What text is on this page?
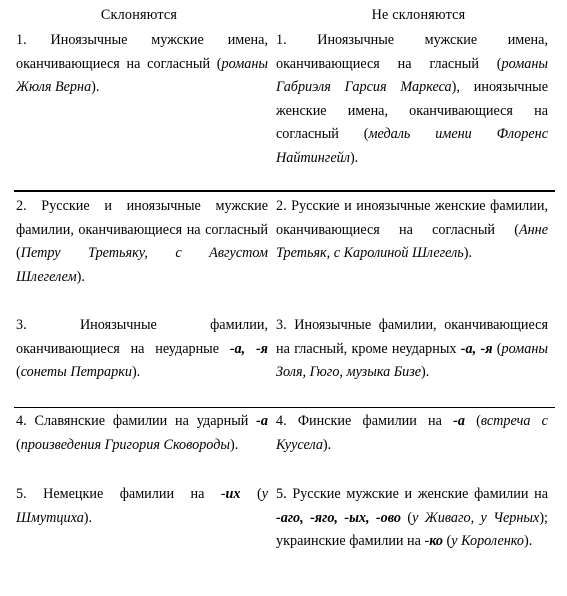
Склоняются	Не склоняются
1. Иноязычные мужские имена, оканчивающиеся на согласный (романы Жюля Верна).
1. Иноязычные мужские имена, оканчивающиеся на гласный (романы Габриэля Гарсия Маркеса), иноязычные женские имена, оканчивающиеся на согласный (медаль имени Флоренс Найтингейл).
2. Русские и иноязычные мужские фамилии, оканчивающиеся на согласный (Петру Третьяку, с Августом Шлегелем).
2. Русские и иноязычные женские фамилии, оканчивающиеся на согласный (Анне Третьяк, с Каролиной Шлегель).
3. Иноязычные фамилии, оканчивающиеся на неударные -а, -я (сонеты Петрарки).
3. Иноязычные фамилии, оканчивающиеся на гласный, кроме неударных -а, -я (романы Золя, Гюго, музыка Бизе).
4. Славянские фамилии на ударный -а (произведения Григория Сковороды).
4. Финские фамилии на -а (встреча с Куусела).
5. Немецкие фамилии на -их (у Шмутциха).
5. Русские мужские и женские фамилии на -аго, -яго, -ых, -ово (у Живаго, у Черных); украинские фамилии на -ко (у Короленко).
